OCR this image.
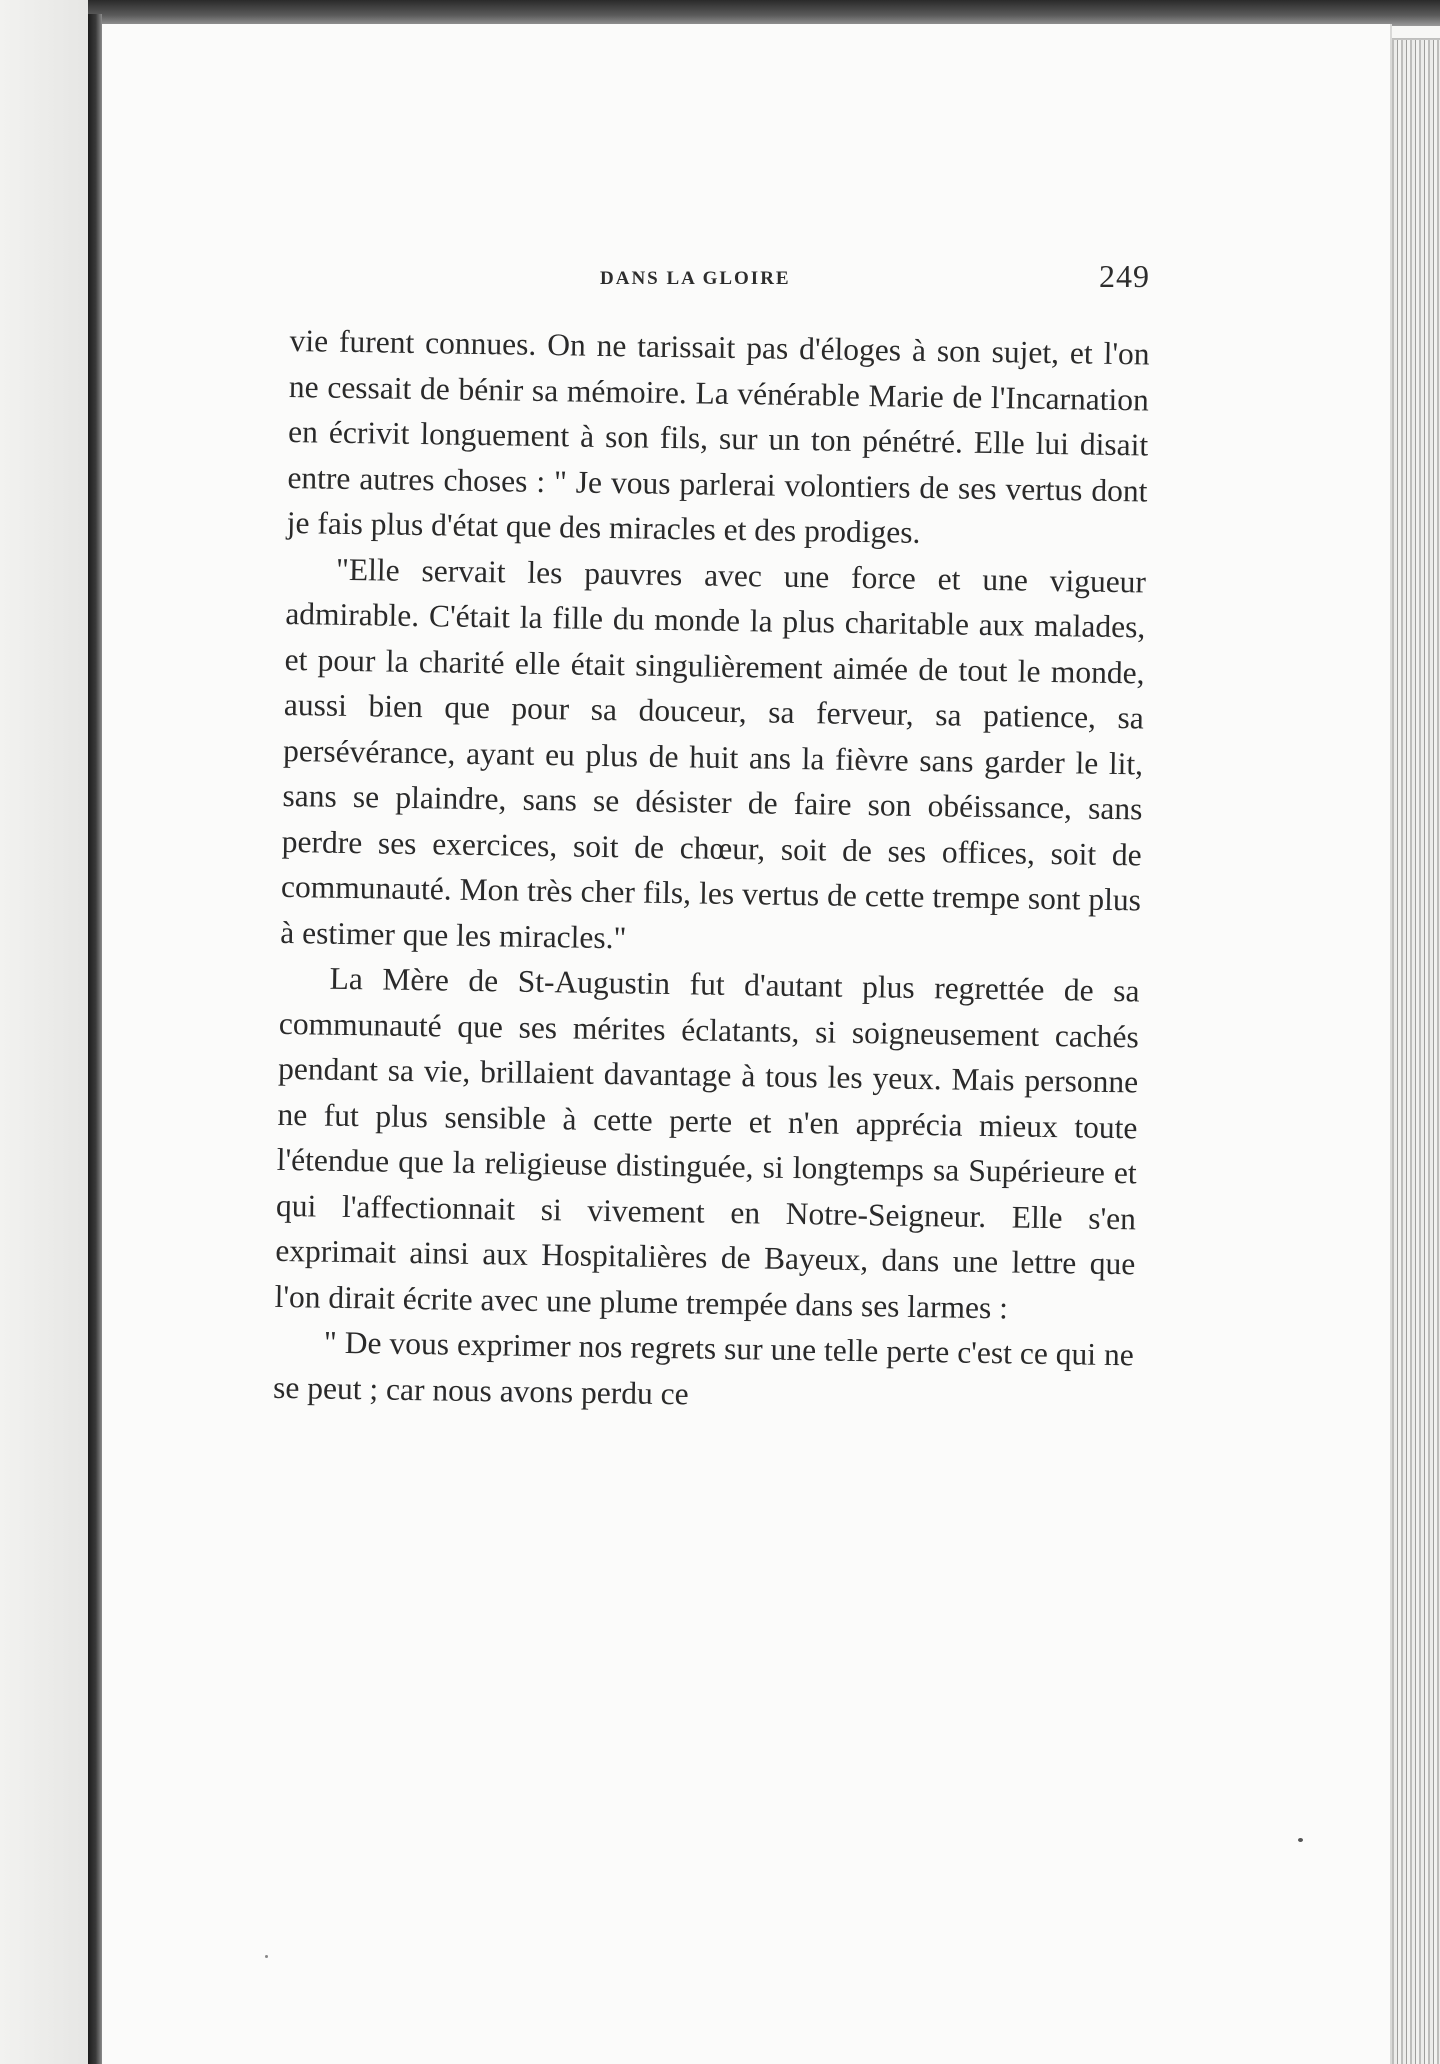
DANS LA GLOIRE	249

vie furent connues. On ne tarissait pas d'éloges à son sujet, et l'on ne cessait de bénir sa mémoire. La vénérable Marie de l'Incarnation en écrivit longuement à son fils, sur un ton pénétré. Elle lui disait entre autres choses : " Je vous parlerai volontiers de ses vertus dont je fais plus d'état que des miracles et des prodiges.

"Elle servait les pauvres avec une force et une vigueur admirable. C'était la fille du monde la plus charitable aux malades, et pour la charité elle était singulièrement aimée de tout le monde, aussi bien que pour sa douceur, sa ferveur, sa patience, sa persévérance, ayant eu plus de huit ans la fièvre sans garder le lit, sans se plaindre, sans se désister de faire son obéissance, sans perdre ses exercices, soit de chœur, soit de ses offices, soit de communauté. Mon très cher fils, les vertus de cette trempe sont plus à estimer que les miracles."

La Mère de St-Augustin fut d'autant plus regrettée de sa communauté que ses mérites éclatants, si soigneusement cachés pendant sa vie, brillaient davantage à tous les yeux. Mais personne ne fut plus sensible à cette perte et n'en apprécia mieux toute l'étendue que la religieuse distinguée, si longtemps sa Supérieure et qui l'affectionnait si vivement en Notre-Seigneur. Elle s'en exprimait ainsi aux Hospitalières de Bayeux, dans une lettre que l'on dirait écrite avec une plume trempée dans ses larmes :

" De vous exprimer nos regrets sur une telle perte c'est ce qui ne se peut ; car nous avons perdu ce
